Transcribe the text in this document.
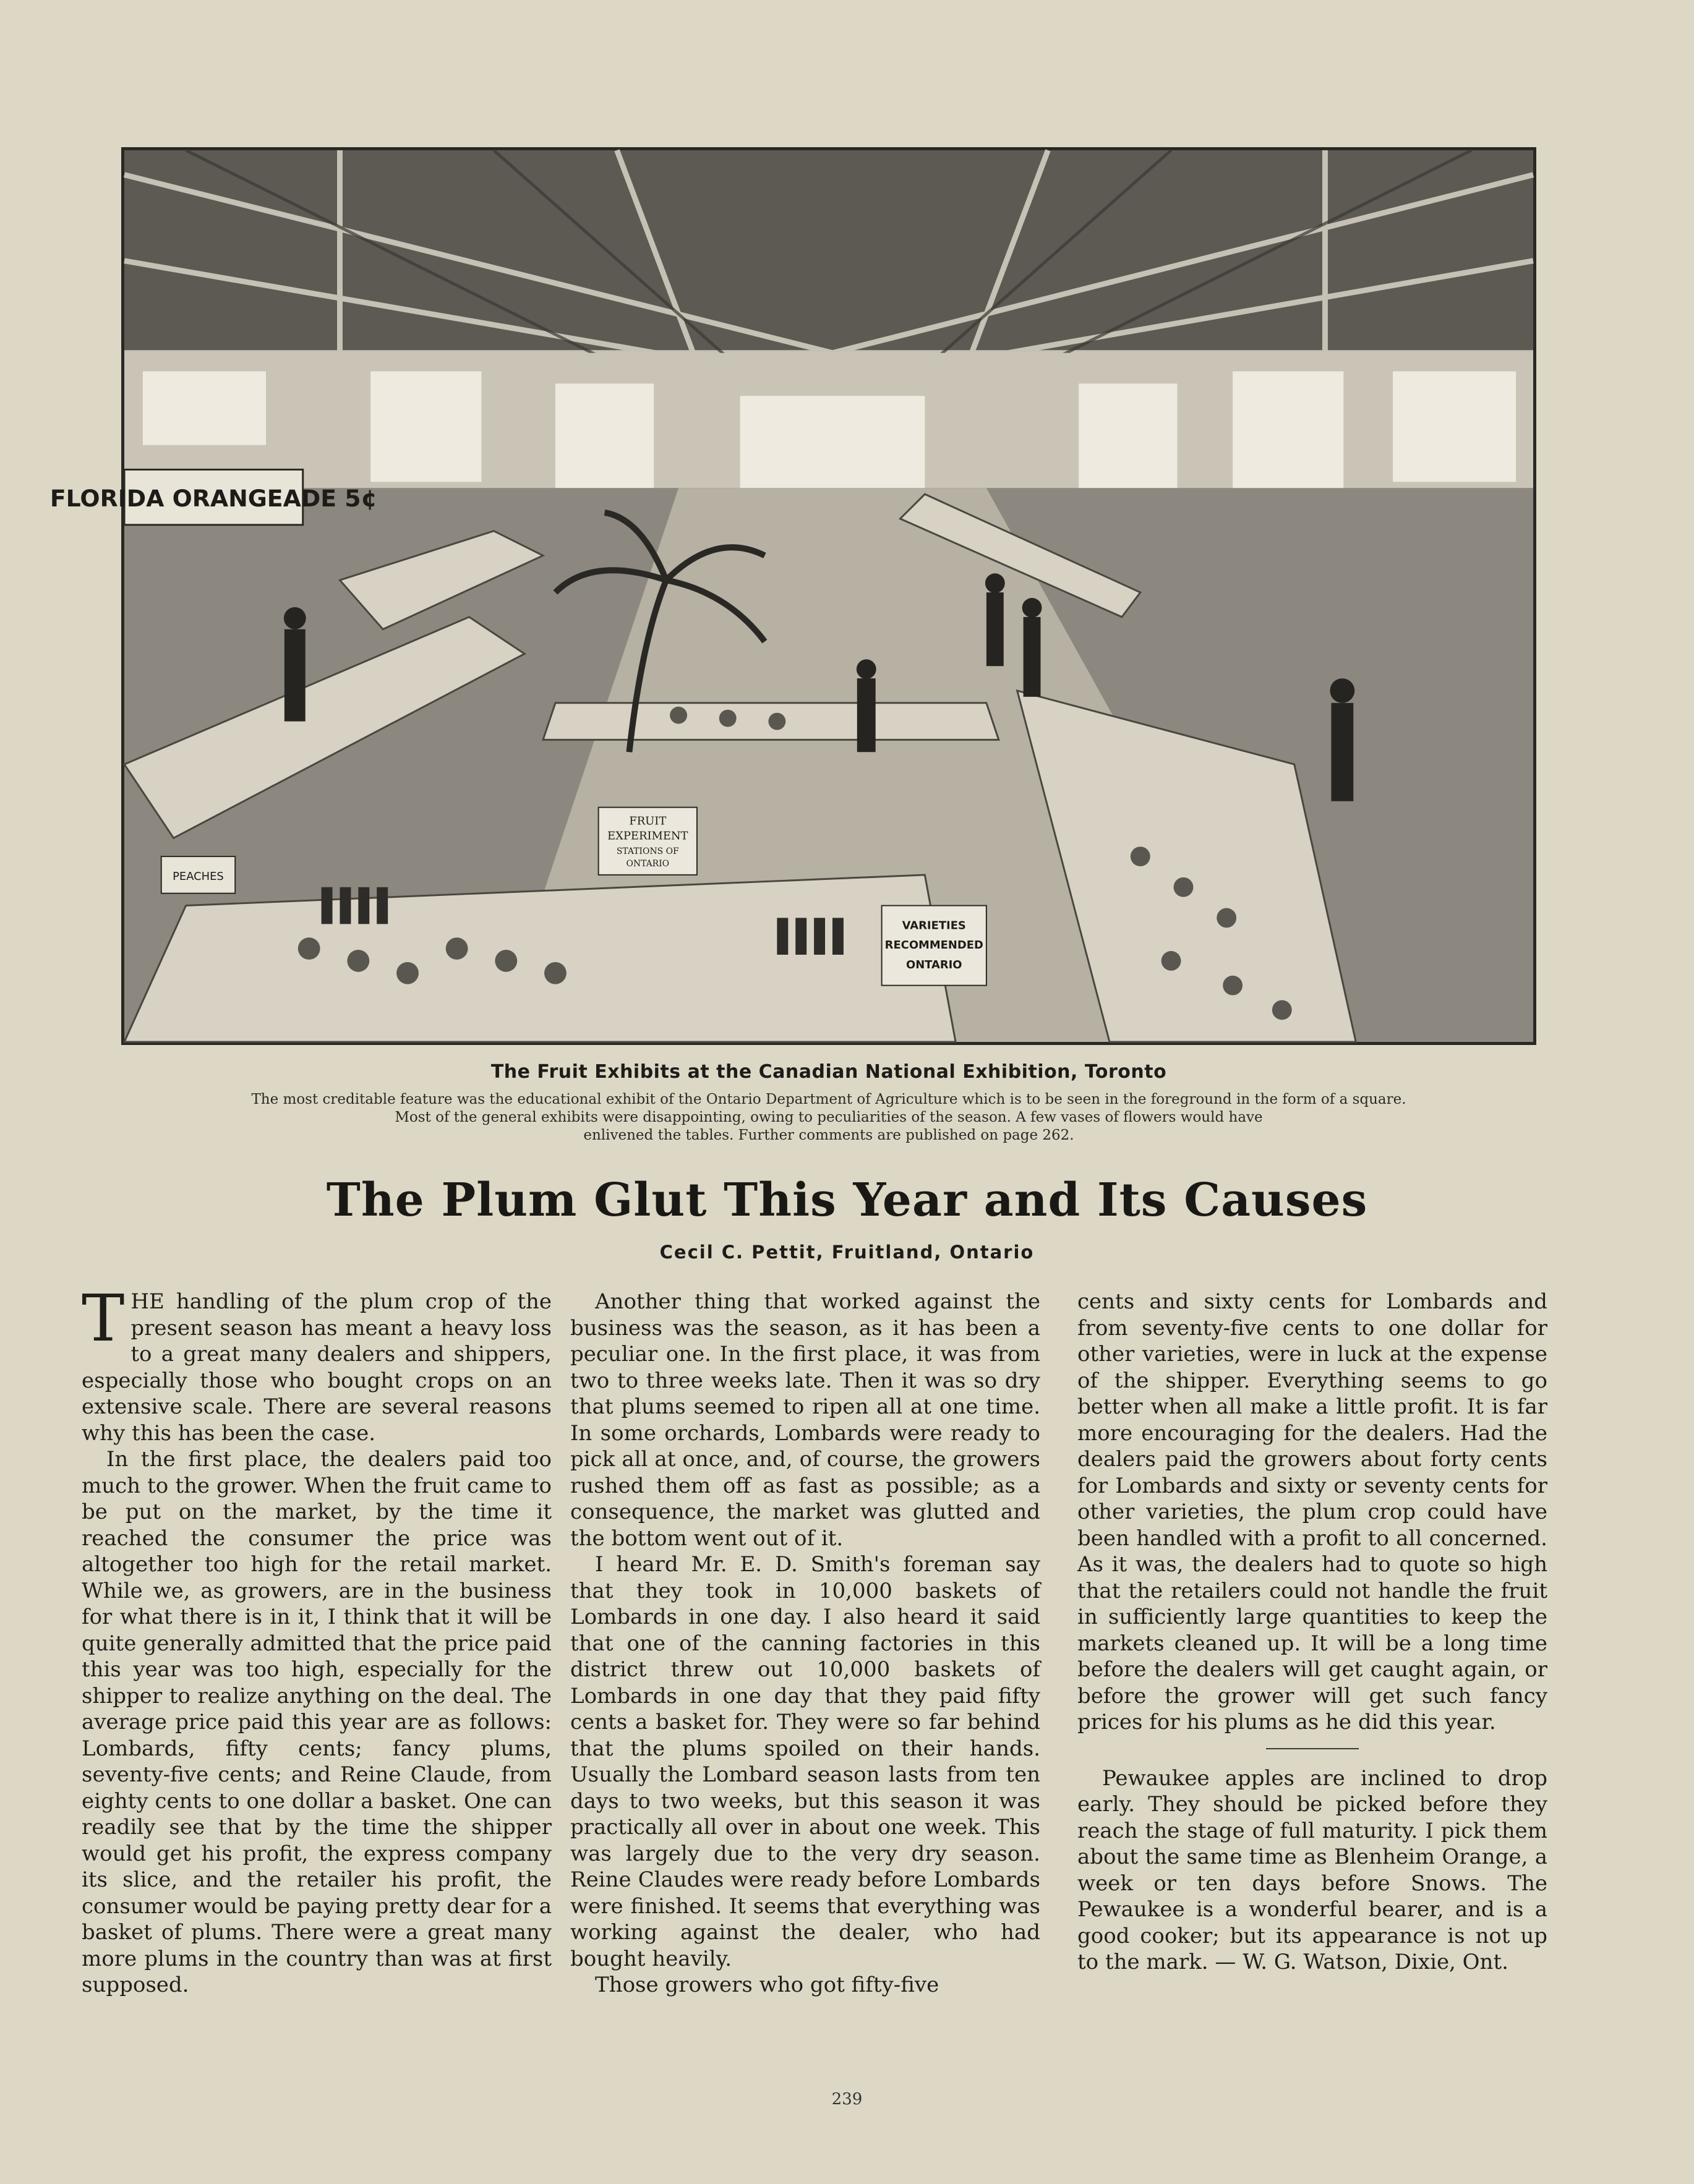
FLORIDA ORANGEADE 5¢
PEACHES
FRUIT
EXPERIMENT
STATIONS OF
ONTARIO
VARIETIES
RECOMMENDED
ONTARIO
The Fruit Exhibits at the Canadian National Exhibition, Toronto
The most creditable feature was the educational exhibit of the Ontario Department of Agriculture which is to be seen in the foreground in the form of a square.
Most of the general exhibits were disappointing, owing to peculiarities of the season. A few vases of flowers would have
enlivened the tables. Further comments are published on page 262.
The Plum Glut This Year and Its Causes
Cecil C. Pettit, Fruitland, Ontario

THE handling of the plum crop of the present season has meant a heavy loss to a great many dealers and shippers, especially those who bought crops on an extensive scale. There are several reasons why this has been the case.

In the first place, the dealers paid too much to the grower. When the fruit came to be put on the market, by the time it reached the consumer the price was altogether too high for the retail market. While we, as growers, are in the business for what there is in it, I think that it will be quite generally admitted that the price paid this year was too high, especially for the shipper to realize anything on the deal. The average price paid this year are as follows: Lombards, fifty cents; fancy plums, seventy-five cents; and Reine Claude, from eighty cents to one dollar a basket. One can readily see that by the time the shipper would get his profit, the express company its slice, and the retailer his profit, the consumer would be paying pretty dear for a basket of plums. There were a great many more plums in the country than was at first supposed.

Another thing that worked against the business was the season, as it has been a peculiar one. In the first place, it was from two to three weeks late. Then it was so dry that plums seemed to ripen all at one time. In some orchards, Lombards were ready to pick all at once, and, of course, the growers rushed them off as fast as possible; as a consequence, the market was glutted and the bottom went out of it.

I heard Mr. E. D. Smith's foreman say that they took in 10,000 baskets of Lombards in one day. I also heard it said that one of the canning factories in this district threw out 10,000 baskets of Lombards in one day that they paid fifty cents a basket for. They were so far behind that the plums spoiled on their hands. Usually the Lombard season lasts from ten days to two weeks, but this season it was practically all over in about one week. This was largely due to the very dry season. Reine Claudes were ready before Lombards were finished. It seems that everything was working against the dealer, who had bought heavily.

Those growers who got fifty-five

cents and sixty cents for Lombards and from seventy-five cents to one dollar for other varieties, were in luck at the expense of the shipper. Everything seems to go better when all make a little profit. It is far more encouraging for the dealers. Had the dealers paid the growers about forty cents for Lombards and sixty or seventy cents for other varieties, the plum crop could have been handled with a profit to all concerned. As it was, the dealers had to quote so high that the retailers could not handle the fruit in sufficiently large quantities to keep the markets cleaned up. It will be a long time before the dealers will get caught again, or before the grower will get such fancy prices for his plums as he did this year.

Pewaukee apples are inclined to drop early. They should be picked before they reach the stage of full maturity. I pick them about the same time as Blenheim Orange, a week or ten days before Snows. The Pewaukee is a wonderful bearer, and is a good cooker; but its appearance is not up to the mark. — W. G. Watson, Dixie, Ont.

239
